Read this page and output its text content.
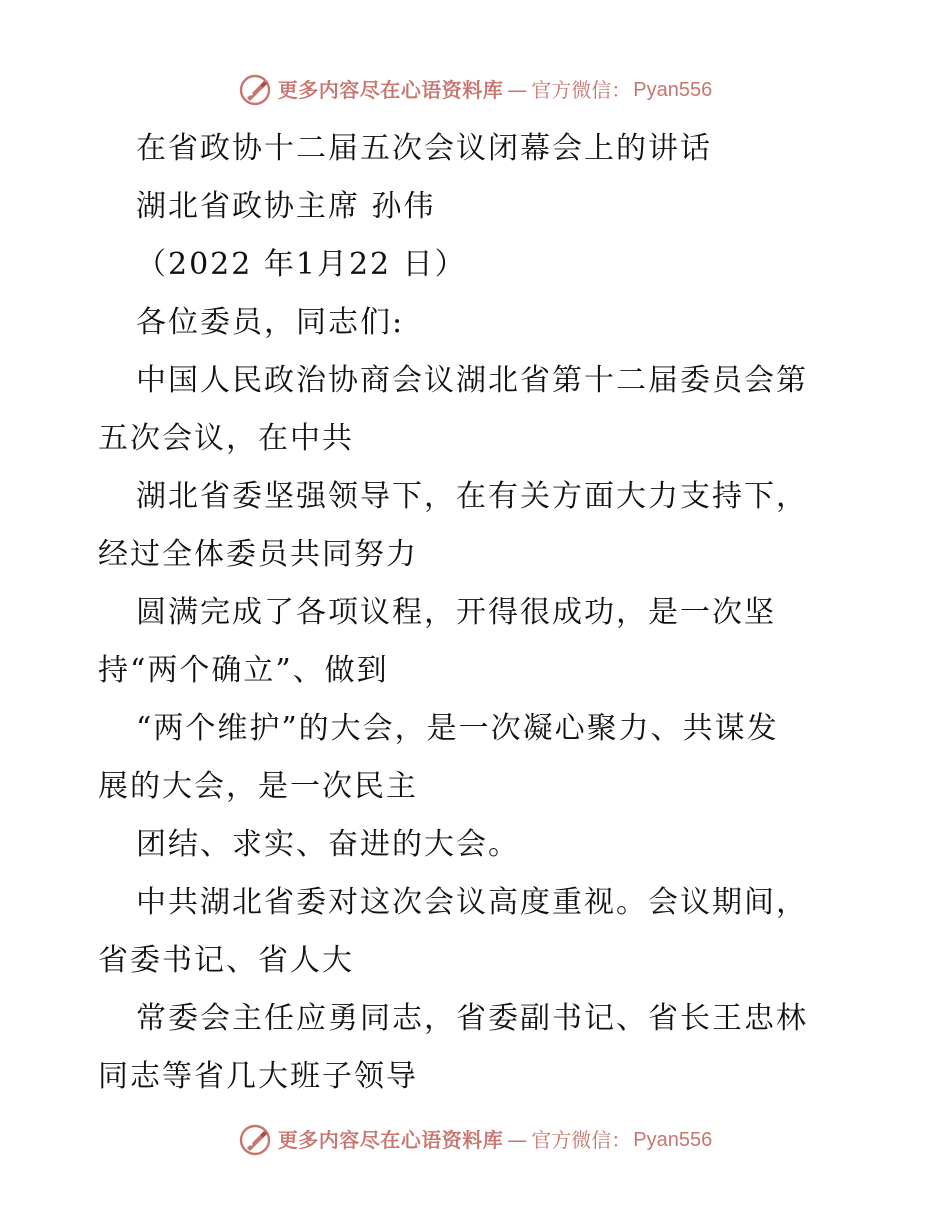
更多内容尽在心语资料库 — 官方微信： Pyan556
在省政协十二届五次会议闭幕会上的讲话
湖北省政协主席 孙伟
（2022 年1月22 日）
各位委员，同志们:
中国人民政治协商会议湖北省第十二届委员会第
五次会议，在中共
湖北省委坚强领导下，在有关方面大力支持下，
经过全体委员共同努力
圆满完成了各项议程，开得很成功，是一次坚
持“两个确立”、做到
“两个维护”的大会，是一次凝心聚力、共谋发
展的大会，是一次民主
团结、求实、奋进的大会。
中共湖北省委对这次会议高度重视。会议期间，
省委书记、省人大
常委会主任应勇同志，省委副书记、省长王忠林
同志等省几大班子领导
更多内容尽在心语资料库 — 官方微信： Pyan556
